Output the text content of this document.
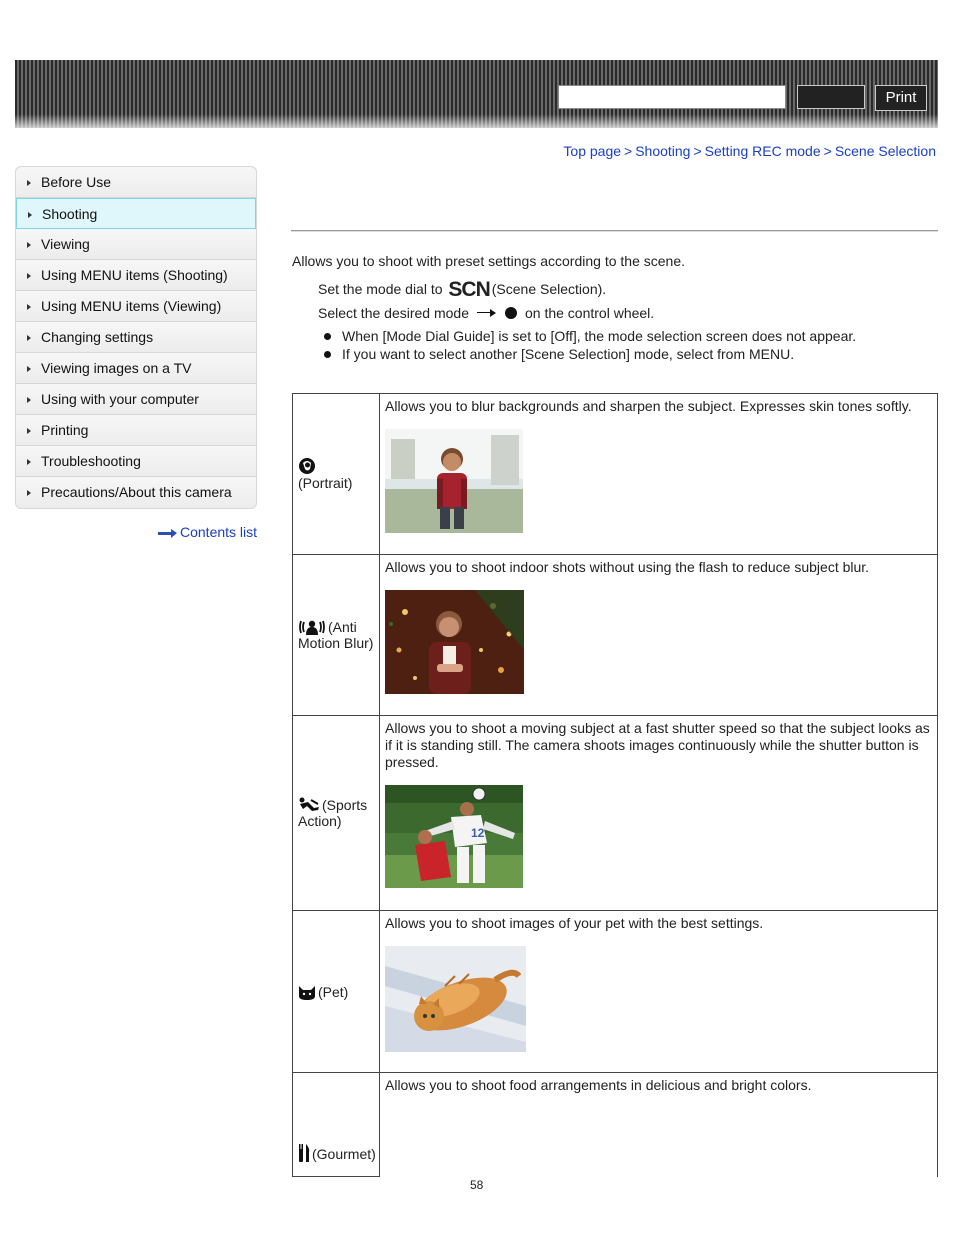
Print
Top page > Shooting > Setting REC mode > Scene Selection
Before Use
Shooting
Viewing
Using MENU items (Shooting)
Using MENU items (Viewing)
Changing settings
Viewing images on a TV
Using with your computer
Printing
Troubleshooting
Precautions/About this camera
Contents list
Allows you to shoot with preset settings according to the scene.
Set the mode dial to SCN (Scene Selection).
Select the desired mode	on the control wheel.
When [Mode Dial Guide] is set to [Off], the mode selection screen does not appear.
If you want to select another [Scene Selection] mode, select from MENU.

(Portrait)	Allows you to blur backgrounds and sharpen the subject. Expresses skin tones softly.

(Anti Motion Blur)	Allows you to shoot indoor shots without using the flash to reduce subject blur.

(Sports Action)	Allows you to shoot a moving subject at a fast shutter speed so that the subject looks as if it is standing still. The camera shoots images continuously while the shutter button is pressed.
12

(Pet)	Allows you to shoot images of your pet with the best settings.

(Gourmet)	Allows you to shoot food arrangements in delicious and bright colors.
58
